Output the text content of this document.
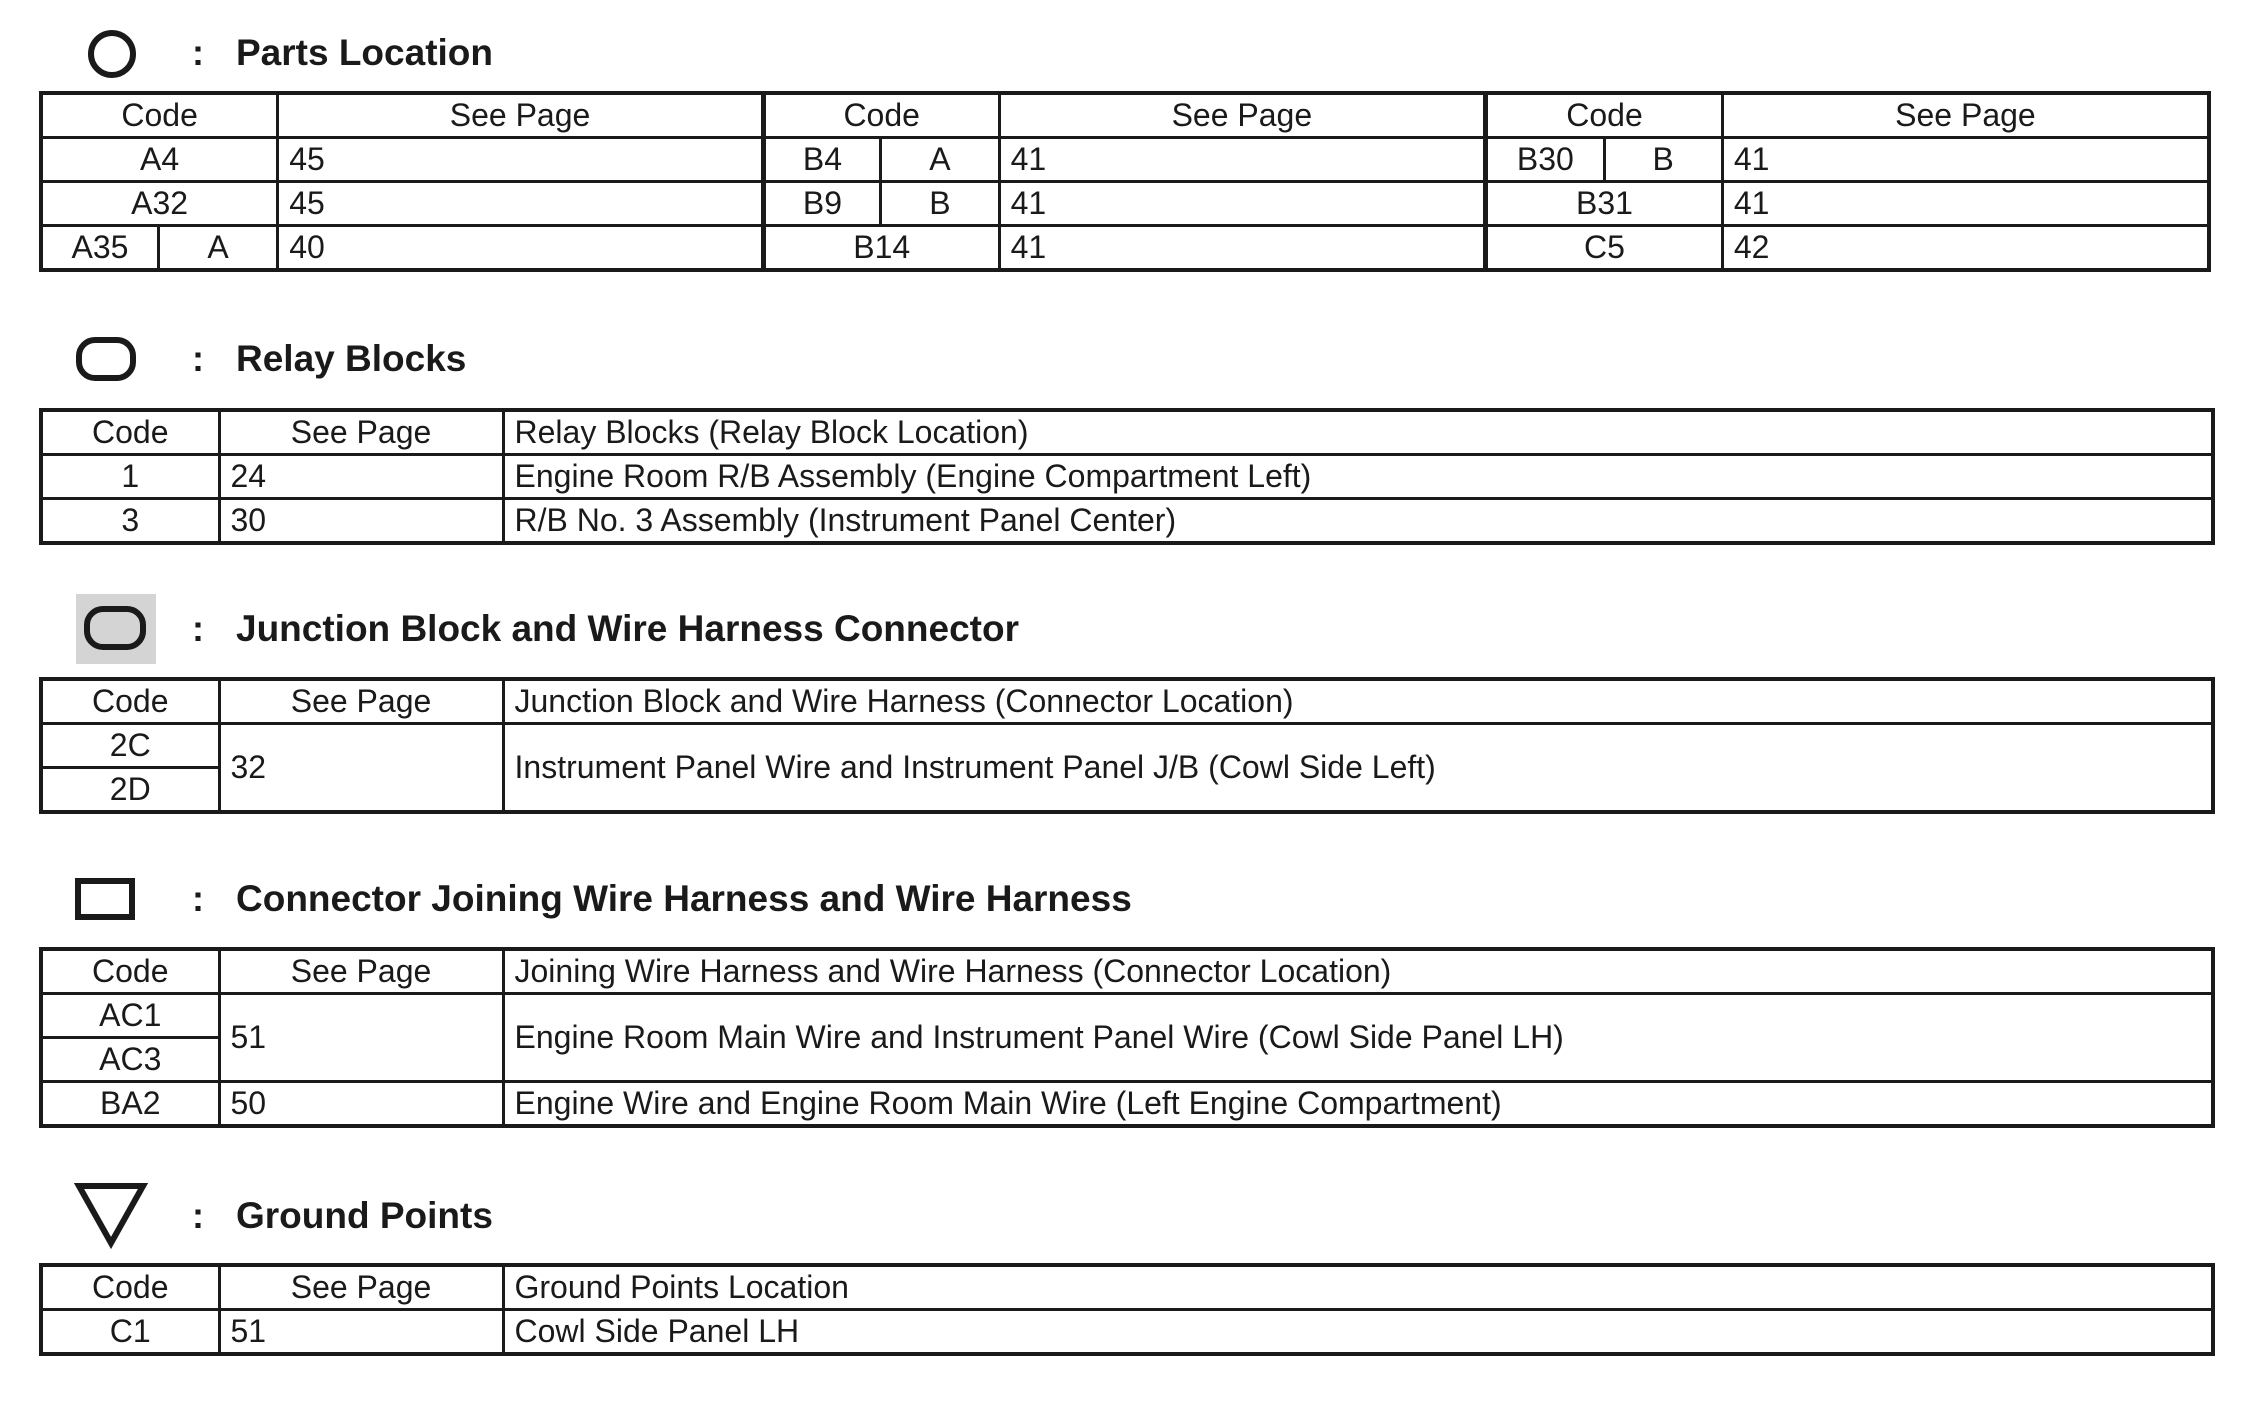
: Parts Location
Code		See Page	Code		See Page	Code		See Page
A4		45	B4	A	41	B30	B	41
A32		45	B9	B	41	B31		41
A35	A	40	B14		41	C5		42
: Relay Blocks
Code	See Page	Relay Blocks (Relay Block Location)
1	24	Engine Room R/B Assembly (Engine Compartment Left)
3	30	R/B No. 3 Assembly (Instrument Panel Center)
: Junction Block and Wire Harness Connector
Code	See Page	Junction Block and Wire Harness (Connector Location)
2C	32	Instrument Panel Wire and Instrument Panel J/B (Cowl Side Left)
2D		
: Connector Joining Wire Harness and Wire Harness
Code	See Page	Joining Wire Harness and Wire Harness (Connector Location)
AC1	51	Engine Room Main Wire and Instrument Panel Wire (Cowl Side Panel LH)
AC3		
BA2	50	Engine Wire and Engine Room Main Wire (Left Engine Compartment)
: Ground Points
Code	See Page	Ground Points Location
C1	51	Cowl Side Panel LH
